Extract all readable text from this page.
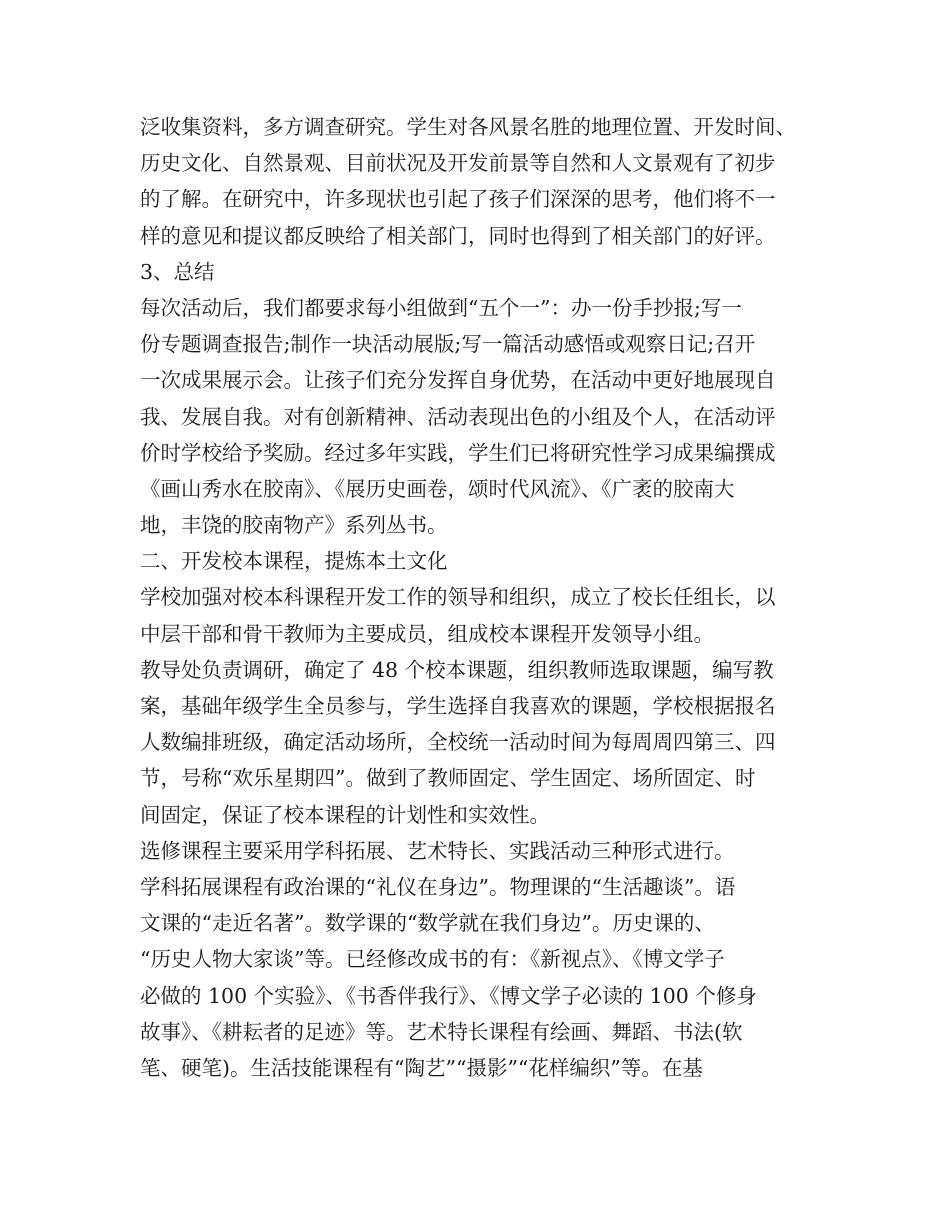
泛收集资料，多方调查研究。学生对各风景名胜的地理位置、开发时间、
历史文化、自然景观、目前状况及开发前景等自然和人文景观有了初步
的了解。在研究中，许多现状也引起了孩子们深深的思考，他们将不一
样的意见和提议都反映给了相关部门，同时也得到了相关部门的好评。
3、总结
每次活动后，我们都要求每小组做到“五个一”：办一份手抄报;写一
份专题调查报告;制作一块活动展版;写一篇活动感悟或观察日记;召开
一次成果展示会。让孩子们充分发挥自身优势，在活动中更好地展现自
我、发展自我。对有创新精神、活动表现出色的小组及个人，在活动评
价时学校给予奖励。经过多年实践，学生们已将研究性学习成果编撰成
《画山秀水在胶南》、《展历史画卷，颂时代风流》、《广袤的胶南大
地，丰饶的胶南物产》系列丛书。
二、开发校本课程，提炼本土文化
学校加强对校本科课程开发工作的领导和组织，成立了校长任组长，以
中层干部和骨干教师为主要成员，组成校本课程开发领导小组。
教导处负责调研，确定了 48 个校本课题，组织教师选取课题，编写教
案，基础年级学生全员参与，学生选择自我喜欢的课题，学校根据报名
人数编排班级，确定活动场所，全校统一活动时间为每周周四第三、四
节，号称“欢乐星期四”。做到了教师固定、学生固定、场所固定、时
间固定，保证了校本课程的计划性和实效性。
选修课程主要采用学科拓展、艺术特长、实践活动三种形式进行。
学科拓展课程有政治课的“礼仪在身边”。物理课的“生活趣谈”。语
文课的“走近名著”。数学课的“数学就在我们身边”。历史课的、
“历史人物大家谈”等。已经修改成书的有：《新视点》、《博文学子
必做的 100 个实验》、《书香伴我行》、《博文学子必读的 100 个修身
故事》、《耕耘者的足迹》等。艺术特长课程有绘画、舞蹈、书法(软
笔、硬笔)。生活技能课程有“陶艺”“摄影”“花样编织”等。在基
